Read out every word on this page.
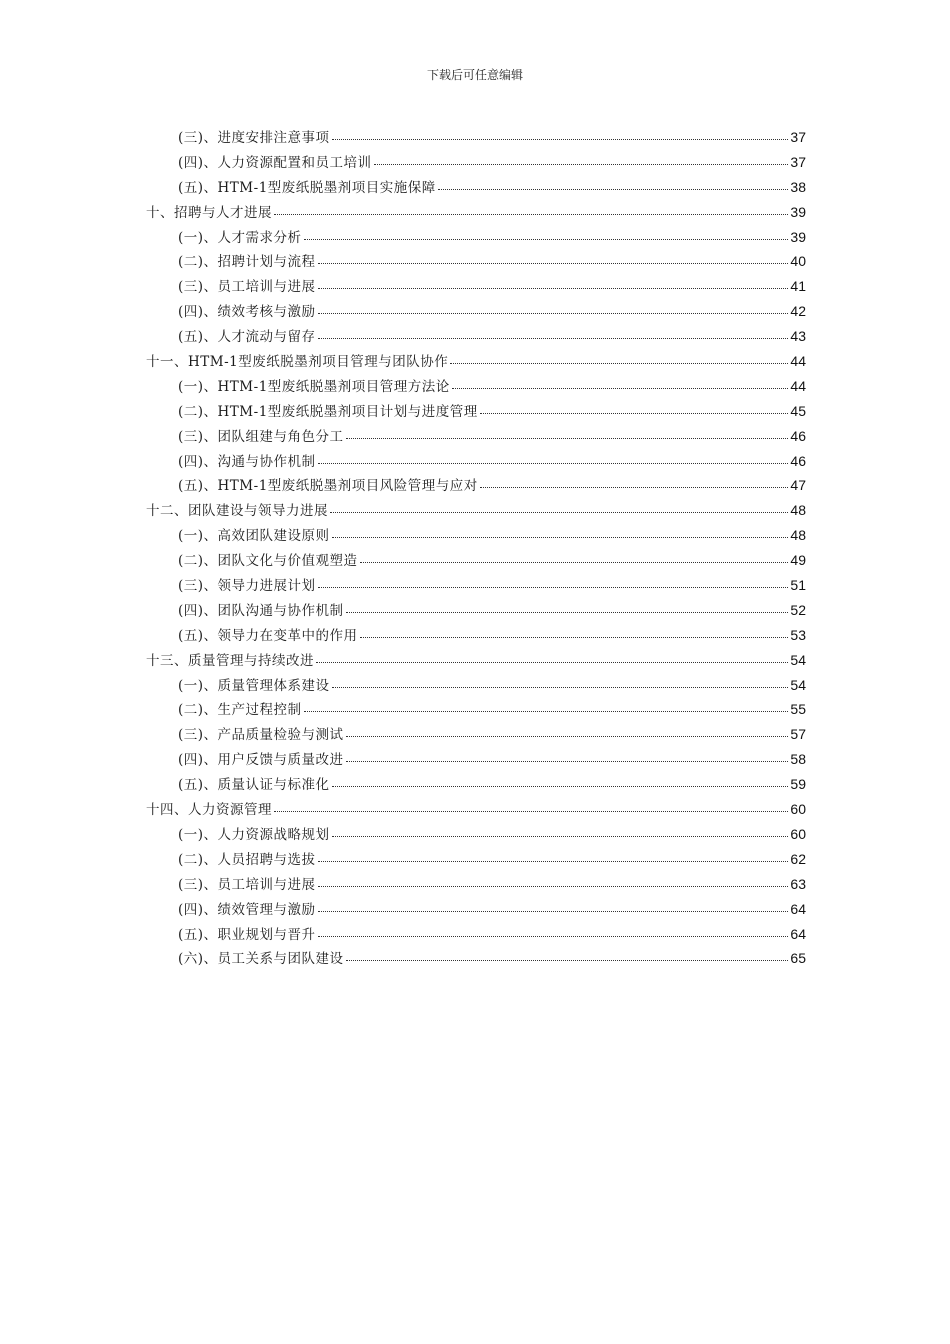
下载后可任意编辑
(三)、进度安排注意事项	37
(四)、人力资源配置和员工培训	37
(五)、HTM-1型废纸脱墨剂项目实施保障	38
十、招聘与人才进展	39
(一)、人才需求分析	39
(二)、招聘计划与流程	40
(三)、员工培训与进展	41
(四)、绩效考核与激励	42
(五)、人才流动与留存	43
十一、HTM-1型废纸脱墨剂项目管理与团队协作	44
(一)、HTM-1型废纸脱墨剂项目管理方法论	44
(二)、HTM-1型废纸脱墨剂项目计划与进度管理	45
(三)、团队组建与角色分工	46
(四)、沟通与协作机制	46
(五)、HTM-1型废纸脱墨剂项目风险管理与应对	47
十二、团队建设与领导力进展	48
(一)、高效团队建设原则	48
(二)、团队文化与价值观塑造	49
(三)、领导力进展计划	51
(四)、团队沟通与协作机制	52
(五)、领导力在变革中的作用	53
十三、质量管理与持续改进	54
(一)、质量管理体系建设	54
(二)、生产过程控制	55
(三)、产品质量检验与测试	57
(四)、用户反馈与质量改进	58
(五)、质量认证与标准化	59
十四、人力资源管理	60
(一)、人力资源战略规划	60
(二)、人员招聘与选拔	62
(三)、员工培训与进展	63
(四)、绩效管理与激励	64
(五)、职业规划与晋升	64
(六)、员工关系与团队建设	65
